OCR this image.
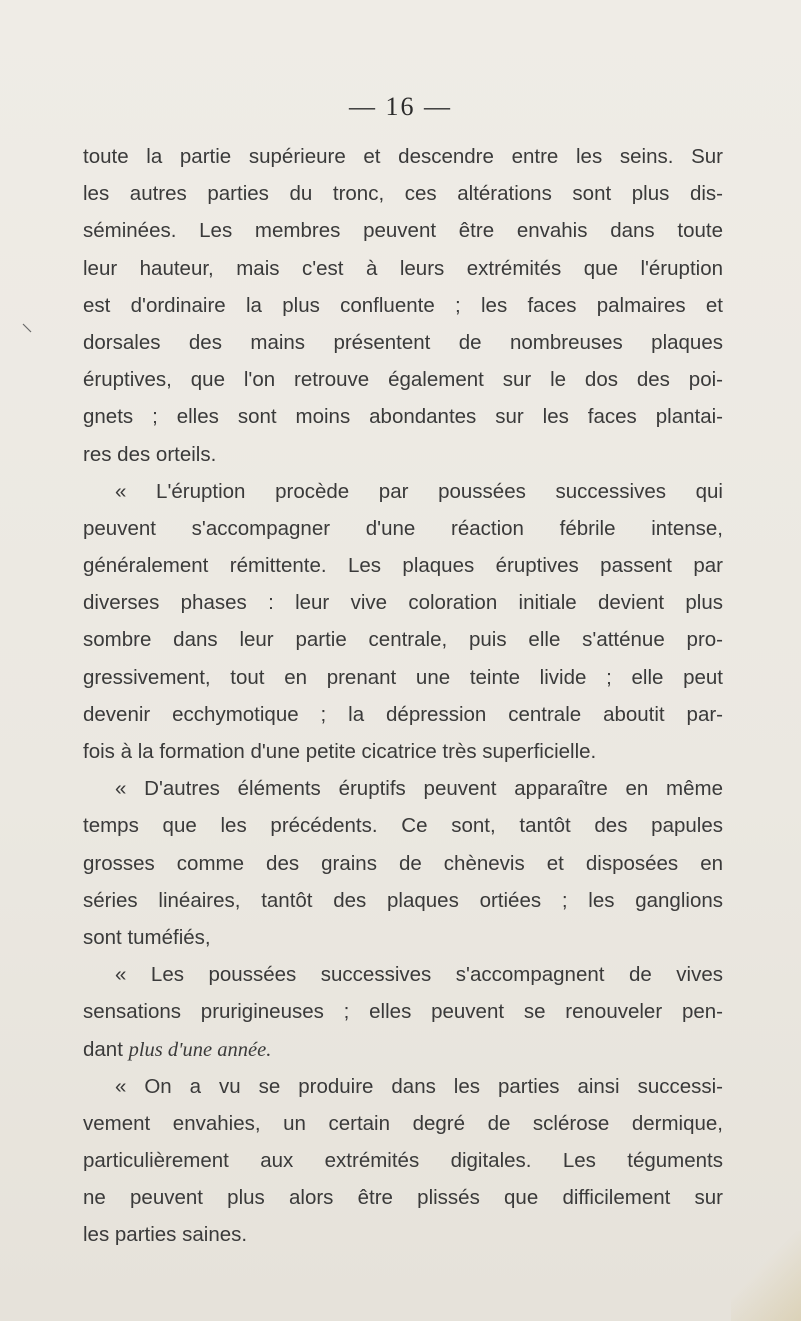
— 16 —
toute la partie supérieure et descendre entre les seins. Sur
les autres parties du tronc, ces altérations sont plus dis-
séminées. Les membres peuvent être envahis dans toute
leur hauteur, mais c'est à leurs extrémités que l'éruption
est d'ordinaire la plus confluente ; les faces palmaires et
dorsales des mains présentent de nombreuses plaques
éruptives, que l'on retrouve également sur le dos des poi-
gnets ; elles sont moins abondantes sur les faces plantai-
res des orteils.
« L'éruption procède par poussées successives qui
peuvent s'accompagner d'une réaction fébrile intense,
généralement rémittente. Les plaques éruptives passent par
diverses phases : leur vive coloration initiale devient plus
sombre dans leur partie centrale, puis elle s'atténue pro-
gressivement, tout en prenant une teinte livide ; elle peut
devenir ecchymotique ; la dépression centrale aboutit par-
fois à la formation d'une petite cicatrice très superficielle.
« D'autres éléments éruptifs peuvent apparaître en même
temps que les précédents. Ce sont, tantôt des papules
grosses comme des grains de chènevis et disposées en
séries linéaires, tantôt des plaques ortiées ; les ganglions
sont tuméfiés,
« Les poussées successives s'accompagnent de vives
sensations prurigineuses ; elles peuvent se renouveler pen-
dant plus d'une année.
« On a vu se produire dans les parties ainsi successi-
vement envahies, un certain degré de sclérose dermique,
particulièrement aux extrémités digitales. Les téguments
ne peuvent plus alors être plissés que difficilement sur
les parties saines.
